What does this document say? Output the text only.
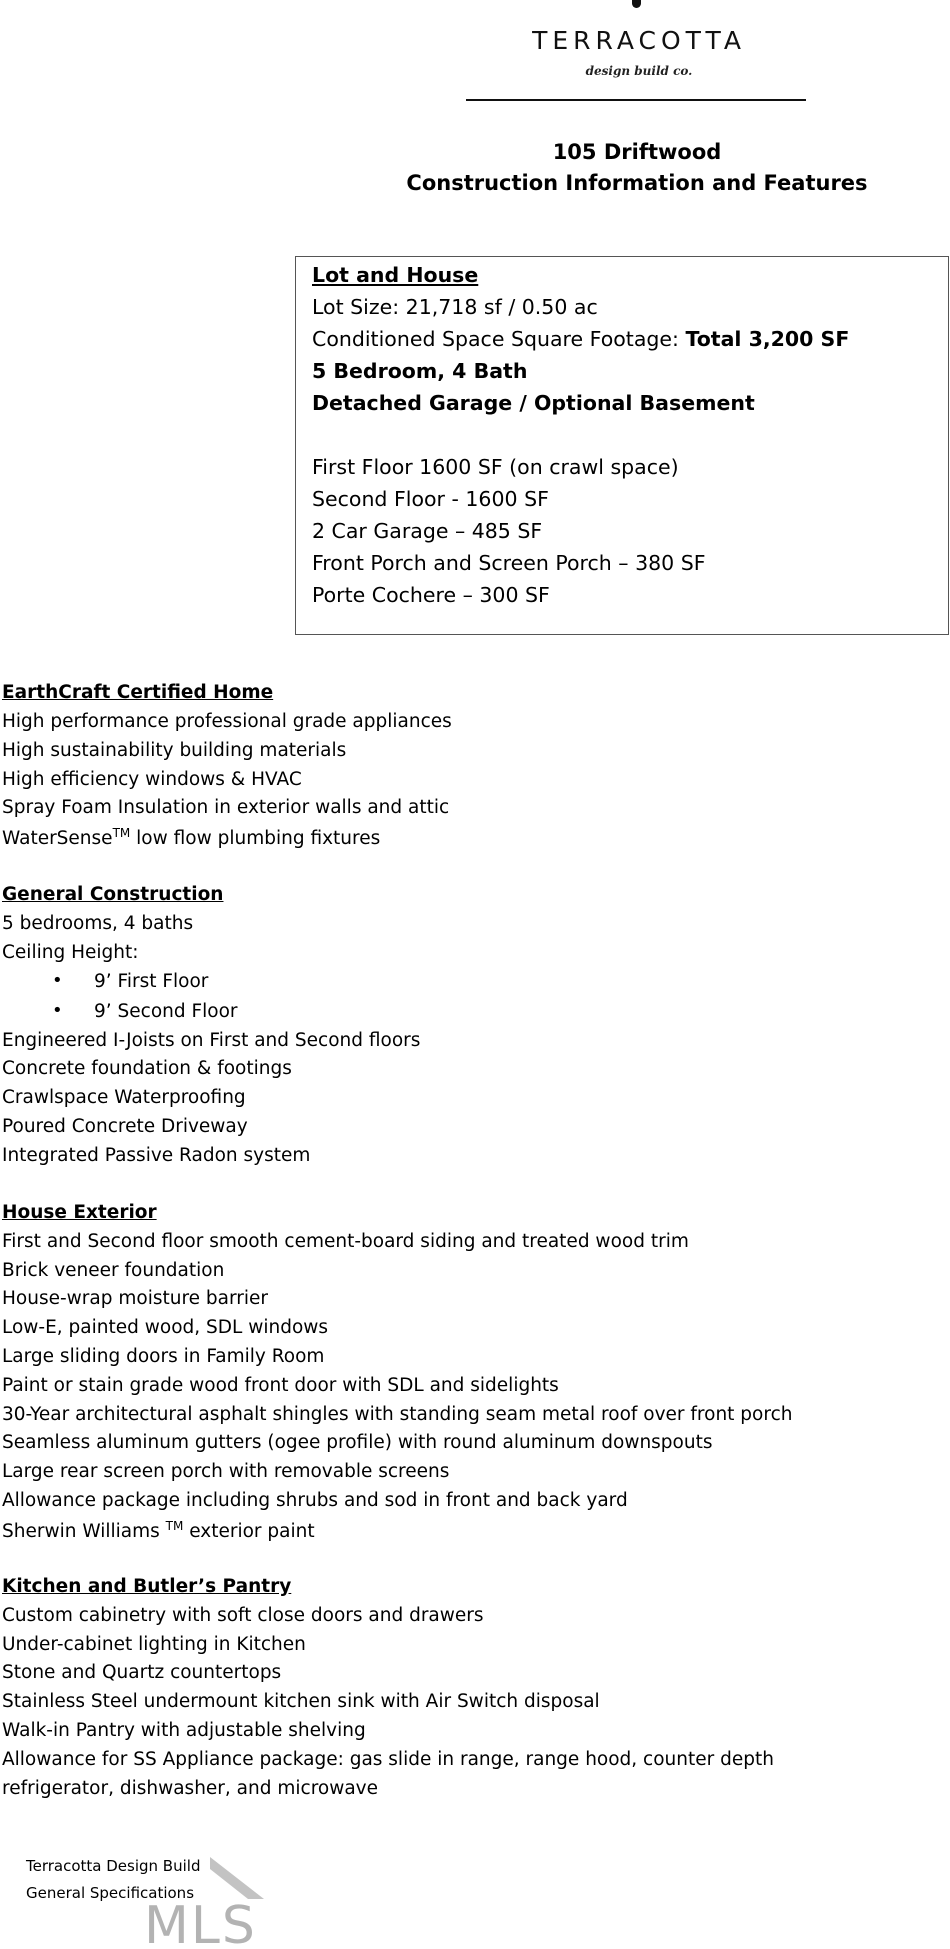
TERRACOTTA
design build co.
105 Driftwood
Construction Information and Features
Lot and House
Lot Size: 21,718 sf / 0.50 ac
Conditioned Space Square Footage: Total 3,200 SF
5 Bedroom, 4 Bath
Detached Garage / Optional Basement
First Floor 1600 SF (on crawl space)
Second Floor - 1600 SF
2 Car Garage – 485 SF
Front Porch and Screen Porch – 380 SF
Porte Cochere – 300 SF
EarthCraft Certified Home
High performance professional grade appliances
High sustainability building materials
High efficiency windows & HVAC
Spray Foam Insulation in exterior walls and attic
WaterSense™ low flow plumbing fixtures
General Construction
5 bedrooms, 4 baths
Ceiling Height:
• 9’ First Floor
• 9’ Second Floor
Engineered I-Joists on First and Second floors
Concrete foundation & footings
Crawlspace Waterproofing
Poured Concrete Driveway
Integrated Passive Radon system
House Exterior
First and Second floor smooth cement-board siding and treated wood trim
Brick veneer foundation
House-wrap moisture barrier
Low-E, painted wood, SDL windows
Large sliding doors in Family Room
Paint or stain grade wood front door with SDL and sidelights
30-Year architectural asphalt shingles with standing seam metal roof over front porch
Seamless aluminum gutters (ogee profile) with round aluminum downspouts
Large rear screen porch with removable screens
Allowance package including shrubs and sod in front and back yard
Sherwin Williams ™ exterior paint
Kitchen and Butler’s Pantry
Custom cabinetry with soft close doors and drawers
Under-cabinet lighting in Kitchen
Stone and Quartz countertops
Stainless Steel undermount kitchen sink with Air Switch disposal
Walk-in Pantry with adjustable shelving
Allowance for SS Appliance package: gas slide in range, range hood, counter depth
refrigerator, dishwasher, and microwave
Terracotta Design Build
General Specifications
MLS
